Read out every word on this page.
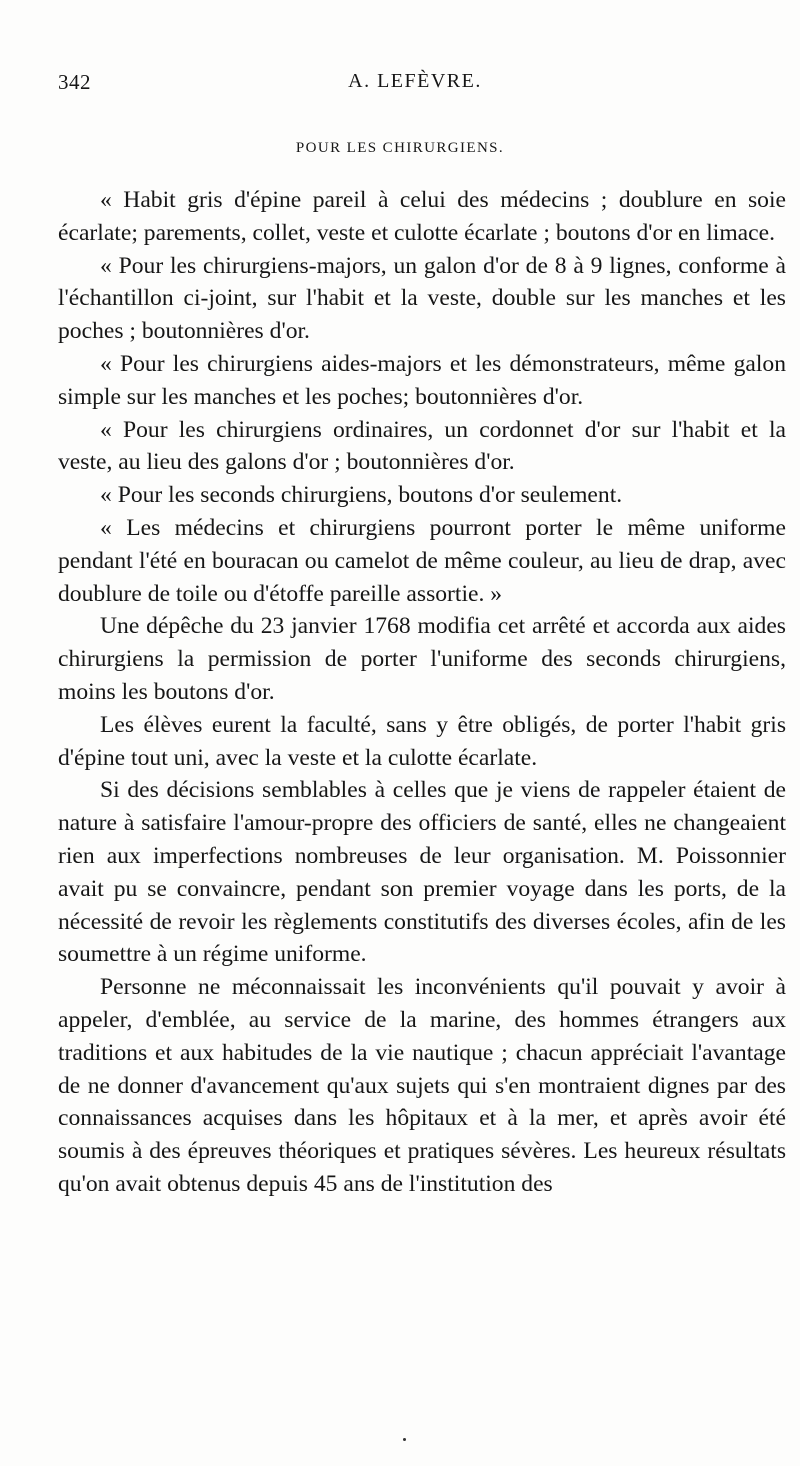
342	A. LEFÈVRE.
POUR LES CHIRURGIENS.

« Habit gris d'épine pareil à celui des médecins ; doublure en soie écarlate; parements, collet, veste et culotte écarlate ; boutons d'or en limace.

« Pour les chirurgiens-majors, un galon d'or de 8 à 9 lignes, conforme à l'échantillon ci-joint, sur l'habit et la veste, double sur les manches et les poches ; boutonnières d'or.

« Pour les chirurgiens aides-majors et les démonstrateurs, même galon simple sur les manches et les poches; boutonnières d'or.

« Pour les chirurgiens ordinaires, un cordonnet d'or sur l'habit et la veste, au lieu des galons d'or ; boutonnières d'or.

« Pour les seconds chirurgiens, boutons d'or seulement.

« Les médecins et chirurgiens pourront porter le même uniforme pendant l'été en bouracan ou camelot de même couleur, au lieu de drap, avec doublure de toile ou d'étoffe pareille assortie. »

Une dépêche du 23 janvier 1768 modifia cet arrêté et accorda aux aides chirurgiens la permission de porter l'uniforme des seconds chirurgiens, moins les boutons d'or.

Les élèves eurent la faculté, sans y être obligés, de porter l'habit gris d'épine tout uni, avec la veste et la culotte écarlate.

Si des décisions semblables à celles que je viens de rappeler étaient de nature à satisfaire l'amour-propre des officiers de santé, elles ne changeaient rien aux imperfections nombreuses de leur organisation. M. Poissonnier avait pu se convaincre, pendant son premier voyage dans les ports, de la nécessité de revoir les règlements constitutifs des diverses écoles, afin de les soumettre à un régime uniforme.

Personne ne méconnaissait les inconvénients qu'il pouvait y avoir à appeler, d'emblée, au service de la marine, des hommes étrangers aux traditions et aux habitudes de la vie nautique ; chacun appréciait l'avantage de ne donner d'avancement qu'aux sujets qui s'en montraient dignes par des connaissances acquises dans les hôpitaux et à la mer, et après avoir été soumis à des épreuves théoriques et pratiques sévères. Les heureux résultats qu'on avait obtenus depuis 45 ans de l'institution des
